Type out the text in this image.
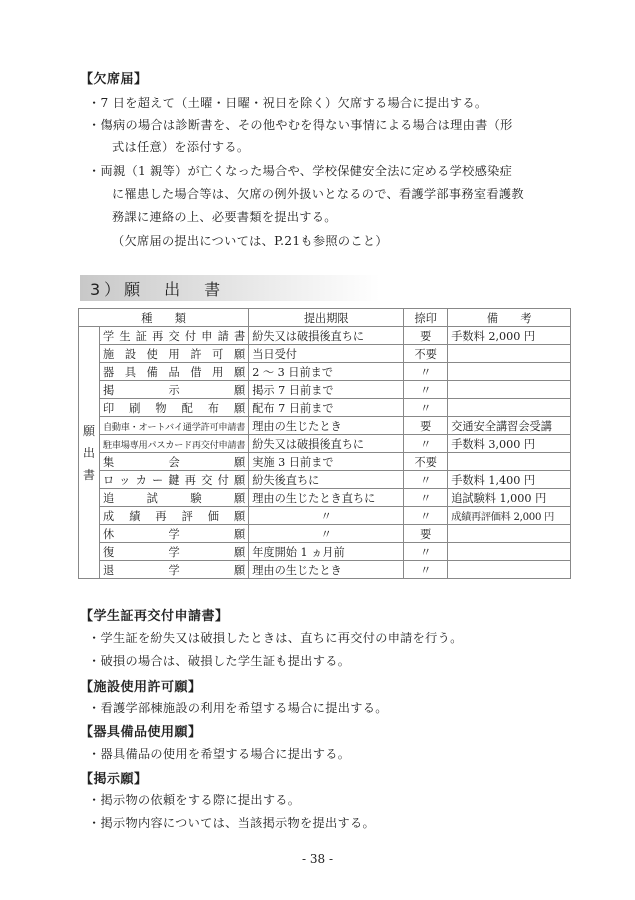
【欠席届】
・7 日を超えて（土曜・日曜・祝日を除く）欠席する場合に提出する。
・傷病の場合は診断書を、その他やむを得ない事情による場合は理由書（形
式は任意）を添付する。
・両親（1 親等）が亡くなった場合や、学校保健安全法に定める学校感染症
に罹患した場合等は、欠席の例外扱いとなるので、看護学部事務室看護教
務課に連絡の上、必要書類を提出する。
（欠席届の提出については、P.21も参照のこと）
3）願　出　書
種　　類		提出期限	捺印	備　　考

願
出
書	学生証再交付申請書	紛失又は破損後直ちに	要	手数料 2,000 円
	施設使用許可願	当日受付	不要	
	器具備品借用願	2 ～ 3 日前まで	〃	
	掲示願	掲示 7 日前まで	〃	
	印刷物配布願	配布 7 日前まで	〃	
	自動車・オートバイ通学許可申請書	理由の生じたとき	要	交通安全講習会受講
	駐車場専用パスカード再交付申請書	紛失又は破損後直ちに	〃	手数料 3,000 円
	集会願	実施 3 日前まで	不要	
	ロッカー鍵再交付願	紛失後直ちに	〃	手数料 1,400 円
	追試験願	理由の生じたとき直ちに	〃	追試験料 1,000 円
	成績再評価願	〃	〃	成績再評価料 2,000 円
	休学願	〃	要	
	復学願	年度開始 1 ヵ月前	〃	
	退学願	理由の生じたとき	〃	
【学生証再交付申請書】
・学生証を紛失又は破損したときは、直ちに再交付の申請を行う。
・破損の場合は、破損した学生証も提出する。
【施設使用許可願】
・看護学部棟施設の利用を希望する場合に提出する。
【器具備品使用願】
・器具備品の使用を希望する場合に提出する。
【掲示願】
・掲示物の依頼をする際に提出する。
・掲示物内容については、当該掲示物を提出する。
- 38 -
